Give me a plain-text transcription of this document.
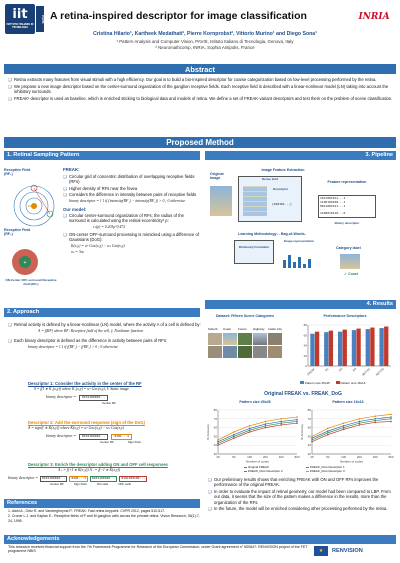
iit
ISTITUTO ITALIANO DI TECNOLOGIA
PAVIS A retina-inspired descriptor for image classification	INRIA
Cristina Hilario¹, Kartheek Medathati², Pierre Kornprobst², Vittorio Murino¹ and Diego Sona¹
¹ Pattern Analysis and Computer Vision, PAVIS, Istituto Italiano di Tecnologia, Genova, Italy
² Neuromathcomp, INRIA, Sophia Antipolis, France
Abstract

❑ Retina extracts many features from visual stimuli with a high efficiency. Our goal is to build a bio-inspired descriptor for coarse categorization based on low-level processing performed by the retina.

❑ We propose a new image descriptor based on the center-surround organization of the ganglion receptive fields. Each receptive field is described with a linear-nonlinear model (LN) taking into account the inhibitory surrounds.

❑ FREAK¹ descriptor is used as baseline, which is enriched sticking to biological data and models of retina. We define a set of FREAK-variant descriptors and test them on the problem of scene classification.

Proposed Method
1. Retinal Sampling Pattern	3. Pipeline
Receptive Field (RF₁)
Fovea
Receptive Field (RF₂)
+
ON-Center OFF-surround Receptive Field (RF₁)
FREAK:

❑ Circular grid of concentric distribution of overlapping receptive fields (RFs)

❑ Higher density of RFs near the fovea

❑ Considers the difference in intensity between pairs of receptive fields

binary descriptor = { 1 if (intensity(RF₁) − intensity(RF₂)) > 0 ; 0 otherwise
Our model:

❑ Circular center-surround organization of RFs; the radius of the surround is calculated using the retinal eccentricity² ρ:

rₛ(ρ) = 0.203ρ^0.472

❑ ON-center OFF-surround processing is mimicked using a difference of Gaussians (DoG):

K(x,y) = wᶜ Gσc(x,y) − wₛ Gσs(x,y)
σₛ = 3σc
Original Image
Image Feature Extraction
Dense Grid
Descriptor
[010101...]
Feature representation
1011001011...1
1100100100...1
0011001011...1
...
1100010110...0
Binary descriptor
Learning Methodology: - Bag-of-Words-
Dictionary Formation
Image representation
Category label
✓ Coast
2. Approach
4. Results

❑ Retinal activity is defined by a linear-nonlinear (LN) model, where the activity A of a cell is defined by:

A = f(RF) where RF: Receptive field of the cell, f: Nonlinear function

❑ Each binary descriptor is defined as the difference in activity between pairs of RFs:

binary descriptor = { 1 if f(RF₁) − f(RF₂) > 0 ; 0 otherwise
Descriptor 1: Consider the activity in the center of the RF
S = f(I ∗ K₁(x,y)) where K₁(x,y) = wᶜ Gσc(x,y), I: Static image
binary descriptor =	0101100100...
Center RF
Descriptor 2: Add the surround response (sign of the DoG)
A = sign(I ∗ K(x,y)) where K(x,y) = wᶜ Gσc(x,y) − wₛ Gσs(x,y)
binary descriptor =	0101100100...	0101...1
Center RF	Sign DoG
Descriptor 3: Enrich the descriptor adding ON and OFF cell responses
A₊ = f(+I ∗ K(x,y)) A₋ = f(−I ∗ K(x,y))
binary descriptor =	0101100100...	0101...1	0101100100...	0101100100...
Center RF	Sign DoG	ON cells	OFF cells
References

1. Alahi A., Ortiz R. and Vandergheynst P.: FREAK: Fast retina keypoint. CVPR 2012, pages 510-517.

2. Croner L.J. and Kaplan E.: Receptive fields of P and M ganglion cells across the primate retina. Vision Research, 35(1):7-24, 1995.

Dataset: Fifteen Scene Categories
Suburb	Coast	Forest	Highway	Inside City
Performance Descriptors
0
20
40
60
80
FREAK	D1	D2	D3 RET-D1 RET-D2
Pattern size 45x45	Pattern size 16x16
Original FREAK vs. FREAK_DoG
Pattern size 45x45	Pattern size 16x16
30
40
50
60
70
80
25	50	100	200	400	800
% Accuracy
Number of codes
30
40
50
60
70
80
25	50	100	200	400	800
% Accuracy
Number of codes
▬ Original FREAK	▬ FREAK_DoG Descriptor 1
▬ FREAK_DoG Descriptor 2	▬ FREAK_DoG Descriptor 3

❑ Our preliminary results shows that enriching FREAK with ON and OFF RFs improves the performance of the original FREAK.

❑ In order to evaluate the impact of retinal geometry, our model had been compared to LBP. From our data, it seems that the size of the pattern makes a difference in the results, more than the organization of the RFs.

❑ In the future, the model will be enriched considering other processing performed by the retina.

Acknowledgements
This research received financial support from the 7th Framework Programme for Research of the European Commission, under Grant agreement n° 600847: RENVISION project of the FET programme NBIS	★	RENVISION
